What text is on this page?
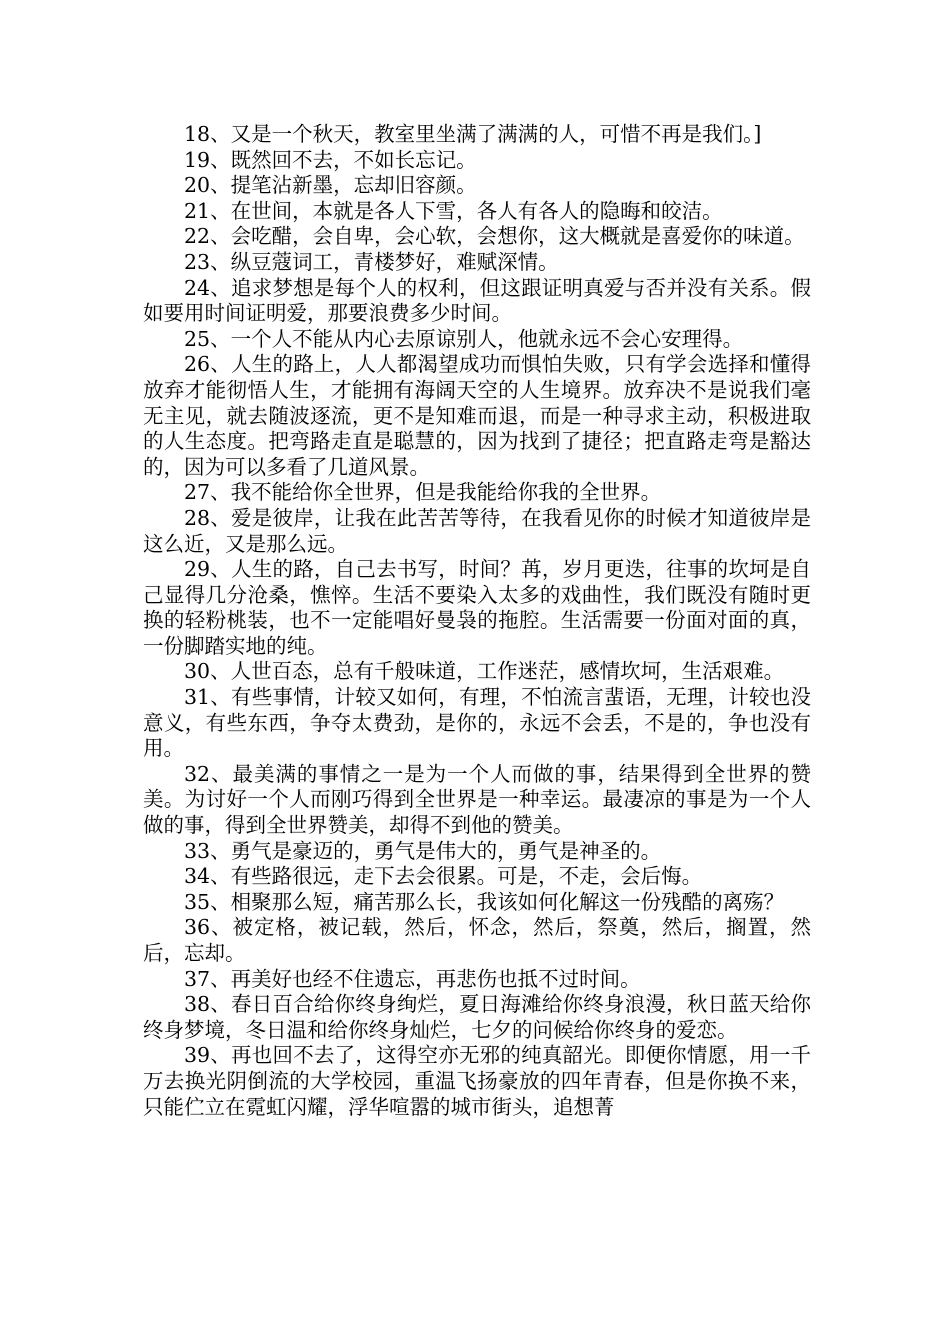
18、又是一个秋天，教室里坐满了满满的人，可惜不再是我们。]

19、既然回不去，不如长忘记。

20、提笔沾新墨，忘却旧容颜。

21、在世间，本就是各人下雪，各人有各人的隐晦和皎洁。

22、会吃醋，会自卑，会心软，会想你，这大概就是喜爱你的味道。

23、纵豆蔻词工，青楼梦好，难赋深情。

24、追求梦想是每个人的权利，但这跟证明真爱与否并没有关系。假如要用时间证明爱，那要浪费多少时间。

25、一个人不能从内心去原谅别人，他就永远不会心安理得。

26、人生的路上，人人都渴望成功而惧怕失败，只有学会选择和懂得放弃才能彻悟人生，才能拥有海阔天空的人生境界。放弃决不是说我们毫无主见，就去随波逐流，更不是知难而退，而是一种寻求主动，积极进取的人生态度。把弯路走直是聪慧的，因为找到了捷径；把直路走弯是豁达的，因为可以多看了几道风景。

27、我不能给你全世界，但是我能给你我的全世界。

28、爱是彼岸，让我在此苦苦等待，在我看见你的时候才知道彼岸是这么近，又是那么远。

29、人生的路，自己去书写，时间？苒，岁月更迭，往事的坎坷是自己显得几分沧桑，憔悴。生活不要染入太多的戏曲性，我们既没有随时更换的轻粉桃装，也不一定能唱好曼袅的拖腔。生活需要一份面对面的真，一份脚踏实地的纯。

30、人世百态，总有千般味道，工作迷茫，感情坎坷，生活艰难。

31、有些事情，计较又如何，有理，不怕流言蜚语，无理，计较也没意义，有些东西，争夺太费劲，是你的，永远不会丢，不是的，争也没有用。

32、最美满的事情之一是为一个人而做的事，结果得到全世界的赞美。为讨好一个人而刚巧得到全世界是一种幸运。最凄凉的事是为一个人做的事，得到全世界赞美，却得不到他的赞美。

33、勇气是豪迈的，勇气是伟大的，勇气是神圣的。

34、有些路很远，走下去会很累。可是，不走，会后悔。

35、相聚那么短，痛苦那么长，我该如何化解这一份残酷的离殇？

36、被定格，被记载，然后，怀念，然后，祭奠，然后，搁置，然后，忘却。

37、再美好也经不住遗忘，再悲伤也抵不过时间。

38、春日百合给你终身绚烂，夏日海滩给你终身浪漫，秋日蓝天给你终身梦境，冬日温和给你终身灿烂，七夕的问候给你终身的爱恋。

39、再也回不去了，这得空亦无邪的纯真韶光。即便你情愿，用一千万去换光阴倒流的大学校园，重温飞扬豪放的四年青春，但是你换不来，只能伫立在霓虹闪耀，浮华喧嚣的城市街头，追想菁
